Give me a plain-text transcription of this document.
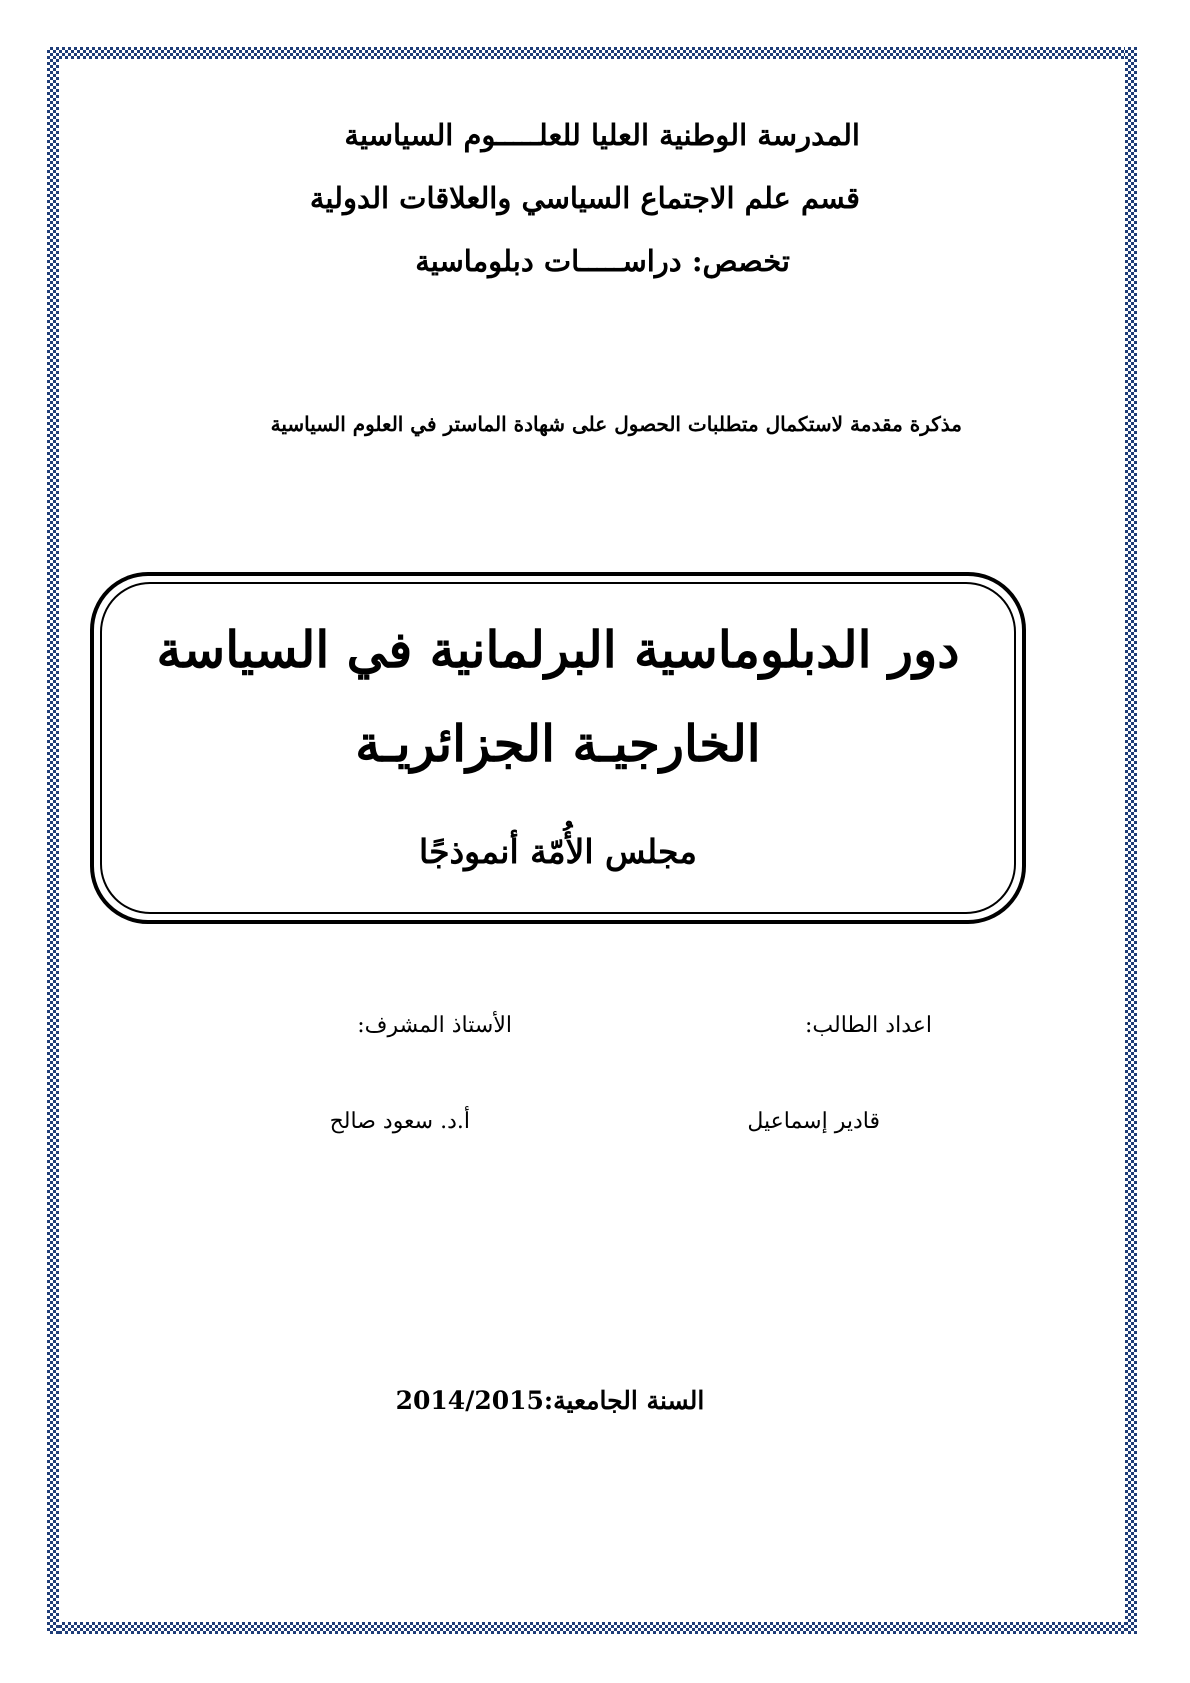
المدرسة الوطنية العليا للعلـــــوم السياسية
قسم علم الاجتماع السياسي والعلاقات الدولية
تخصص: دراســـــات دبلوماسية
مذكرة مقدمة لاستكمال متطلبات الحصول على شهادة الماستر في العلوم السياسية
دور الدبلوماسية البرلمانية في السياسة
الخارجيـة الجزائريـة
مجلس الأُمّة أنموذجًا
اعداد الطالب:
الأستاذ المشرف:
قادير إسماعيل
أ.د. سعود صالح
السنة الجامعية:2014/2015
